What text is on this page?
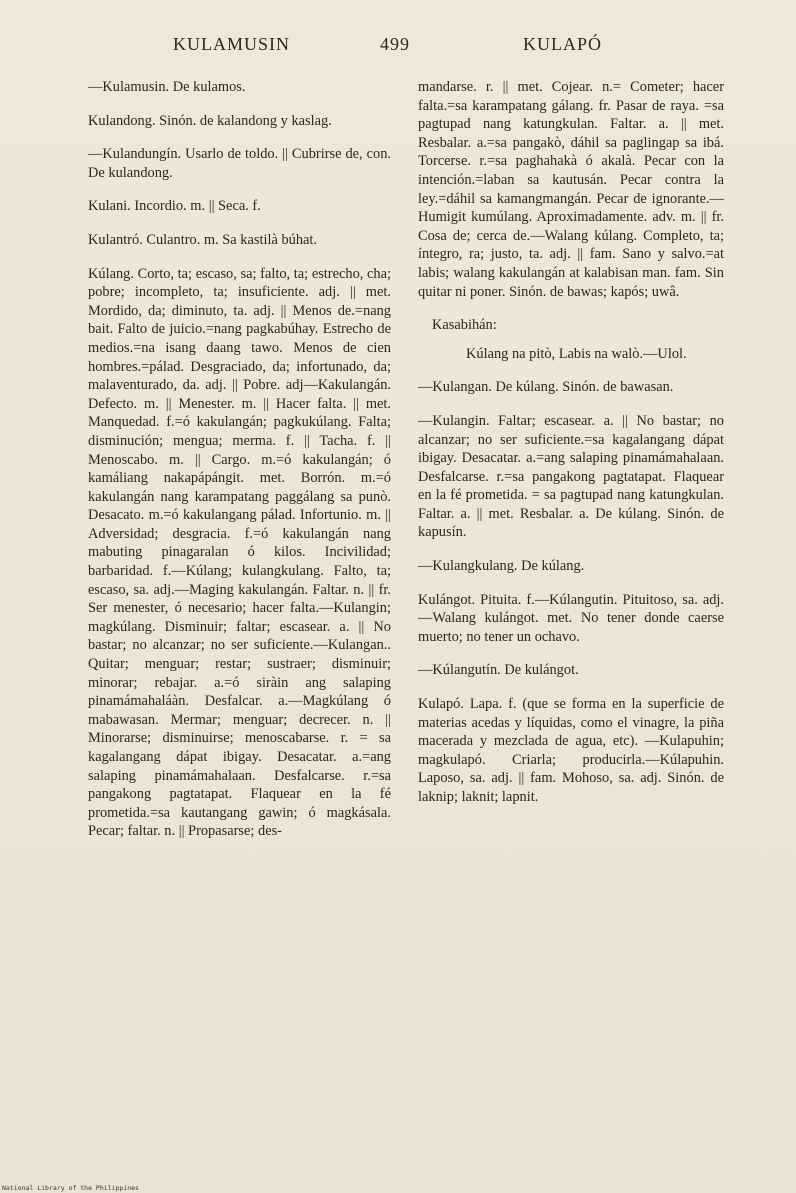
KULAMUSIN	499	KULAPÓ

—Kulamusin. De kulamos.

Kulandong. Sinón. de kalandong y kaslag.

—Kulandungín. Usarlo de toldo. || Cubrirse de, con. De kulandong.

Kulani. Incordio. m. || Seca. f.

Kulantró. Culantro. m. Sa kastilà búhat.

Kúlang. Corto, ta; escaso, sa; falto, ta; estrecho, cha; pobre; incompleto, ta; insuficiente. adj. || met. Mordido, da; diminuto, ta. adj. || Menos de.=nang bait. Falto de juicio.=nang pagkabúhay. Estrecho de medios.=na isang daang tawo. Menos de cien hombres.=pálad. Desgraciado, da; infortunado, da; malaventurado, da. adj. || Pobre. adj—Kakulangán. Defecto. m. || Menester. m. || Hacer falta. || met. Manquedad. f.=ó kakulangán; pagkukúlang. Falta; disminución; mengua; merma. f. || Tacha. f. || Menoscabo. m. || Cargo. m.=ó kakulangán; ó kamáliang nakapápángit. met. Borrón. m.=ó kakulangán nang karampatang paggálang sa punò. Desacato. m.=ó kakulangang pálad. Infortunio. m. || Adversidad; desgracia. f.=ó kakulangán nang mabuting pinagaralan ó kilos. Incivilidad; barbaridad. f.—Kúlang; kulangkulang. Falto, ta; escaso, sa. adj.—Maging kakulangán. Faltar. n. || fr. Ser menester, ó necesario; hacer falta.—Kulangin; magkúlang. Disminuir; faltar; escasear. a. || No bastar; no alcanzar; no ser suficiente.—Kulangan.. Quitar; menguar; restar; sustraer; disminuir; minorar; rebajar. a.=ó siràin ang salaping pinamámahaláàn. Desfalcar. a.—Magkúlang ó mabawasan. Mermar; menguar; decrecer. n. || Minorarse; disminuirse; menoscabarse. r. = sa kagalangang dápat ibigay. Desacatar. a.=ang salaping pinamámahalaan. Desfalcarse. r.=sa pangakong pagtatapat. Flaquear en la fé prometida.=sa kautangang gawin; ó magkásala. Pecar; faltar. n. || Propasarse; des-

mandarse. r. || met. Cojear. n.= Cometer; hacer falta.=sa karampatang gálang. fr. Pasar de raya. =sa pagtupad nang katungkulan. Faltar. a. || met. Resbalar. a.=sa pangakò, dáhil sa paglingap sa ibá. Torcerse. r.=sa paghahakà ó akalà. Pecar con la intención.=laban sa kautusán. Pecar contra la ley.=dáhil sa kamangmangán. Pecar de ignorante.—Humigit kumúlang. Aproximadamente. adv. m. || fr. Cosa de; cerca de.—Walang kúlang. Completo, ta; íntegro, ra; justo, ta. adj. || fam. Sano y salvo.=at labis; walang kakulangán at kalabisan man. fam. Sin quitar ni poner. Sinón. de bawas; kapós; uwâ.

Kasabihán:

Kúlang na pitò, Labis na walò.—Ulol.

—Kulangan. De kúlang. Sinón. de bawasan.

—Kulangin. Faltar; escasear. a. || No bastar; no alcanzar; no ser suficiente.=sa kagalangang dápat ibigay. Desacatar. a.=ang salaping pinamámahalaan. Desfalcarse. r.=sa pangakong pagtatapat. Flaquear en la fé prometida. = sa pagtupad nang katungkulan. Faltar. a. || met. Resbalar. a. De kúlang. Sinón. de kapusín.

—Kulangkulang. De kúlang.

Kulángot. Pituita. f.—Kúlangutin. Pituitoso, sa. adj.—Walang kulángot. met. No tener donde caerse muerto; no tener un ochavo.

—Kúlangutín. De kulángot.

Kulapó. Lapa. f. (que se forma en la superficie de materias acedas y líquidas, como el vinagre, la piña macerada y mezclada de agua, etc). —Kulapuhin; magkulapó. Criarla; producirla.—Kúlapuhin. Laposo, sa. adj. || fam. Mohoso, sa. adj. Sinón. de laknip; laknit; lapnit.

National Library of the Philippines
